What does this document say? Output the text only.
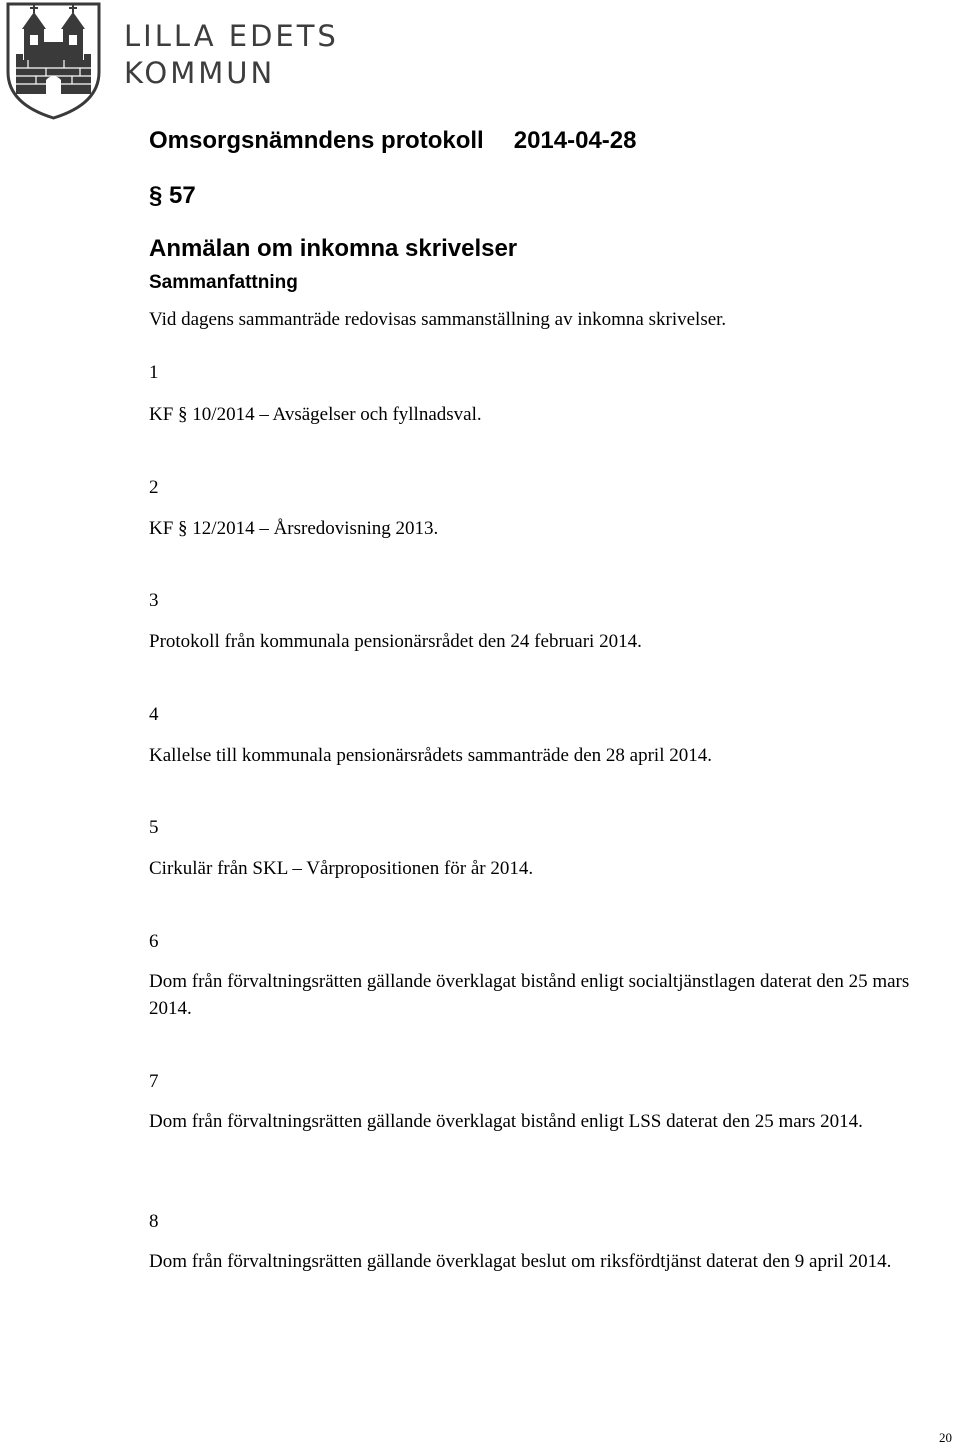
LILLA EDETS
KOMMUN
Omsorgsnämndens protokoll 2014-04-28
§ 57
Anmälan om inkomna skrivelser
Sammanfattning
Vid dagens sammanträde redovisas sammanställning av inkomna skrivelser.
1
KF § 10/2014 – Avsägelser och fyllnadsval.
2
KF § 12/2014 – Årsredovisning 2013.
3
Protokoll från kommunala pensionärsrådet den 24 februari 2014.
4
Kallelse till kommunala pensionärsrådets sammanträde den 28 april 2014.
5
Cirkulär från SKL – Vårpropositionen för år 2014.
6
Dom från förvaltningsrätten gällande överklagat bistånd enligt socialtjänstlagen daterat den 25 mars 2014.
7
Dom från förvaltningsrätten gällande överklagat bistånd enligt LSS daterat den 25 mars 2014.
8
Dom från förvaltningsrätten gällande överklagat beslut om riksfördtjänst daterat den 9 april 2014.
20
